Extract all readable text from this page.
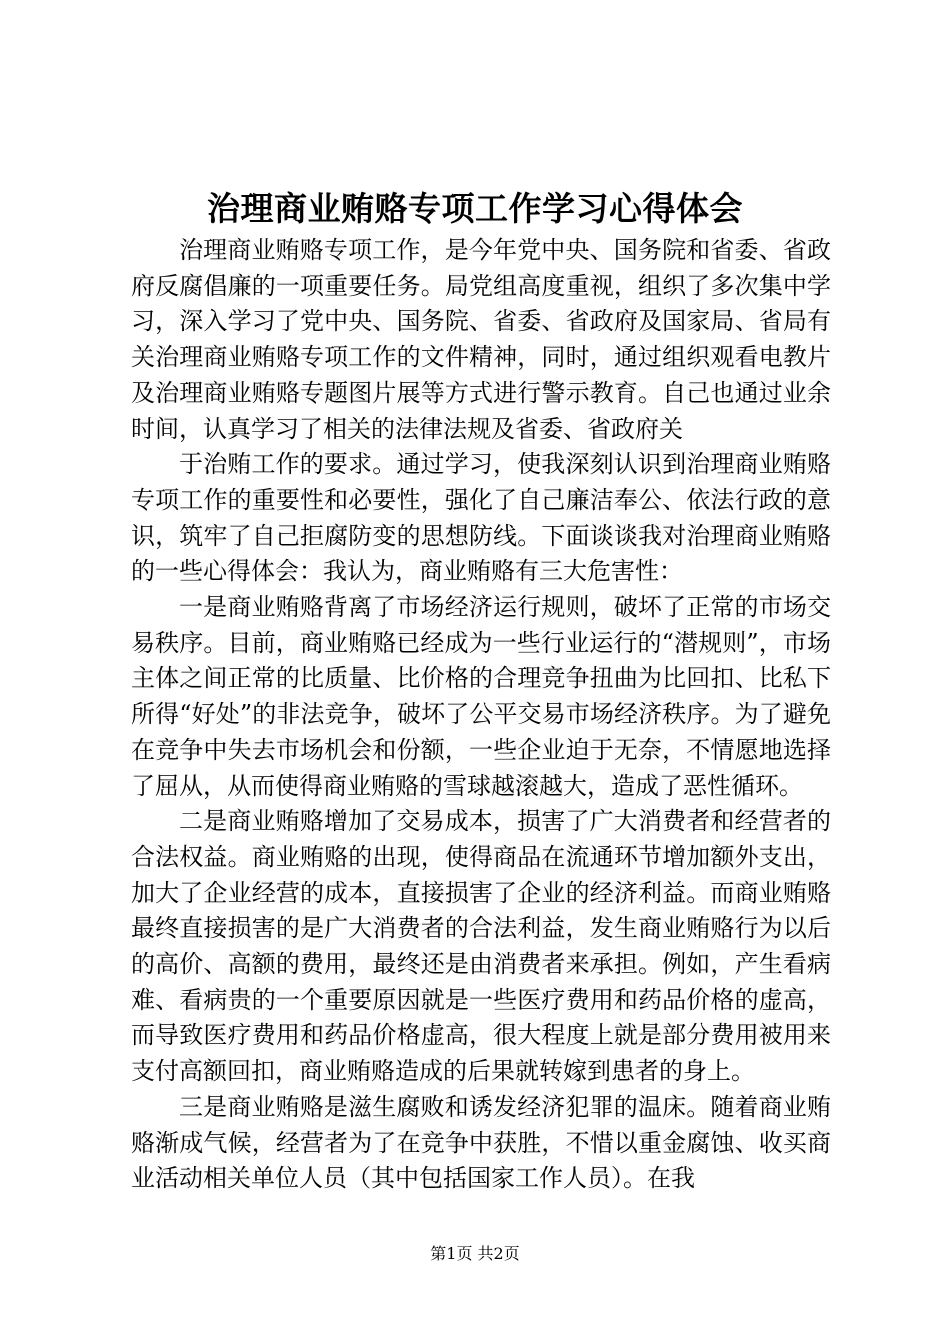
治理商业贿赂专项工作学习心得体会

治理商业贿赂专项工作，是今年党中央、国务院和省委、省政府反腐倡廉的一项重要任务。局党组高度重视，组织了多次集中学习，深入学习了党中央、国务院、省委、省政府及国家局、省局有关治理商业贿赂专项工作的文件精神，同时，通过组织观看电教片及治理商业贿赂专题图片展等方式进行警示教育。自己也通过业余时间，认真学习了相关的法律法规及省委、省政府关

于治贿工作的要求。通过学习，使我深刻认识到治理商业贿赂专项工作的重要性和必要性，强化了自己廉洁奉公、依法行政的意识，筑牢了自己拒腐防变的思想防线。下面谈谈我对治理商业贿赂的一些心得体会：我认为，商业贿赂有三大危害性：

一是商业贿赂背离了市场经济运行规则，破坏了正常的市场交易秩序。目前，商业贿赂已经成为一些行业运行的“潜规则”，市场主体之间正常的比质量、比价格的合理竞争扭曲为比回扣、比私下所得“好处”的非法竞争，破坏了公平交易市场经济秩序。为了避免在竞争中失去市场机会和份额，一些企业迫于无奈，不情愿地选择了屈从，从而使得商业贿赂的雪球越滚越大，造成了恶性循环。

二是商业贿赂增加了交易成本，损害了广大消费者和经营者的合法权益。商业贿赂的出现，使得商品在流通环节增加额外支出，加大了企业经营的成本，直接损害了企业的经济利益。而商业贿赂最终直接损害的是广大消费者的合法利益，发生商业贿赂行为以后的高价、高额的费用，最终还是由消费者来承担。例如，产生看病难、看病贵的一个重要原因就是一些医疗费用和药品价格的虚高，而导致医疗费用和药品价格虚高，很大程度上就是部分费用被用来支付高额回扣，商业贿赂造成的后果就转嫁到患者的身上。

三是商业贿赂是滋生腐败和诱发经济犯罪的温床。随着商业贿赂渐成气候，经营者为了在竞争中获胜，不惜以重金腐蚀、收买商业活动相关单位人员（其中包括国家工作人员）。在我

第1页 共2页
